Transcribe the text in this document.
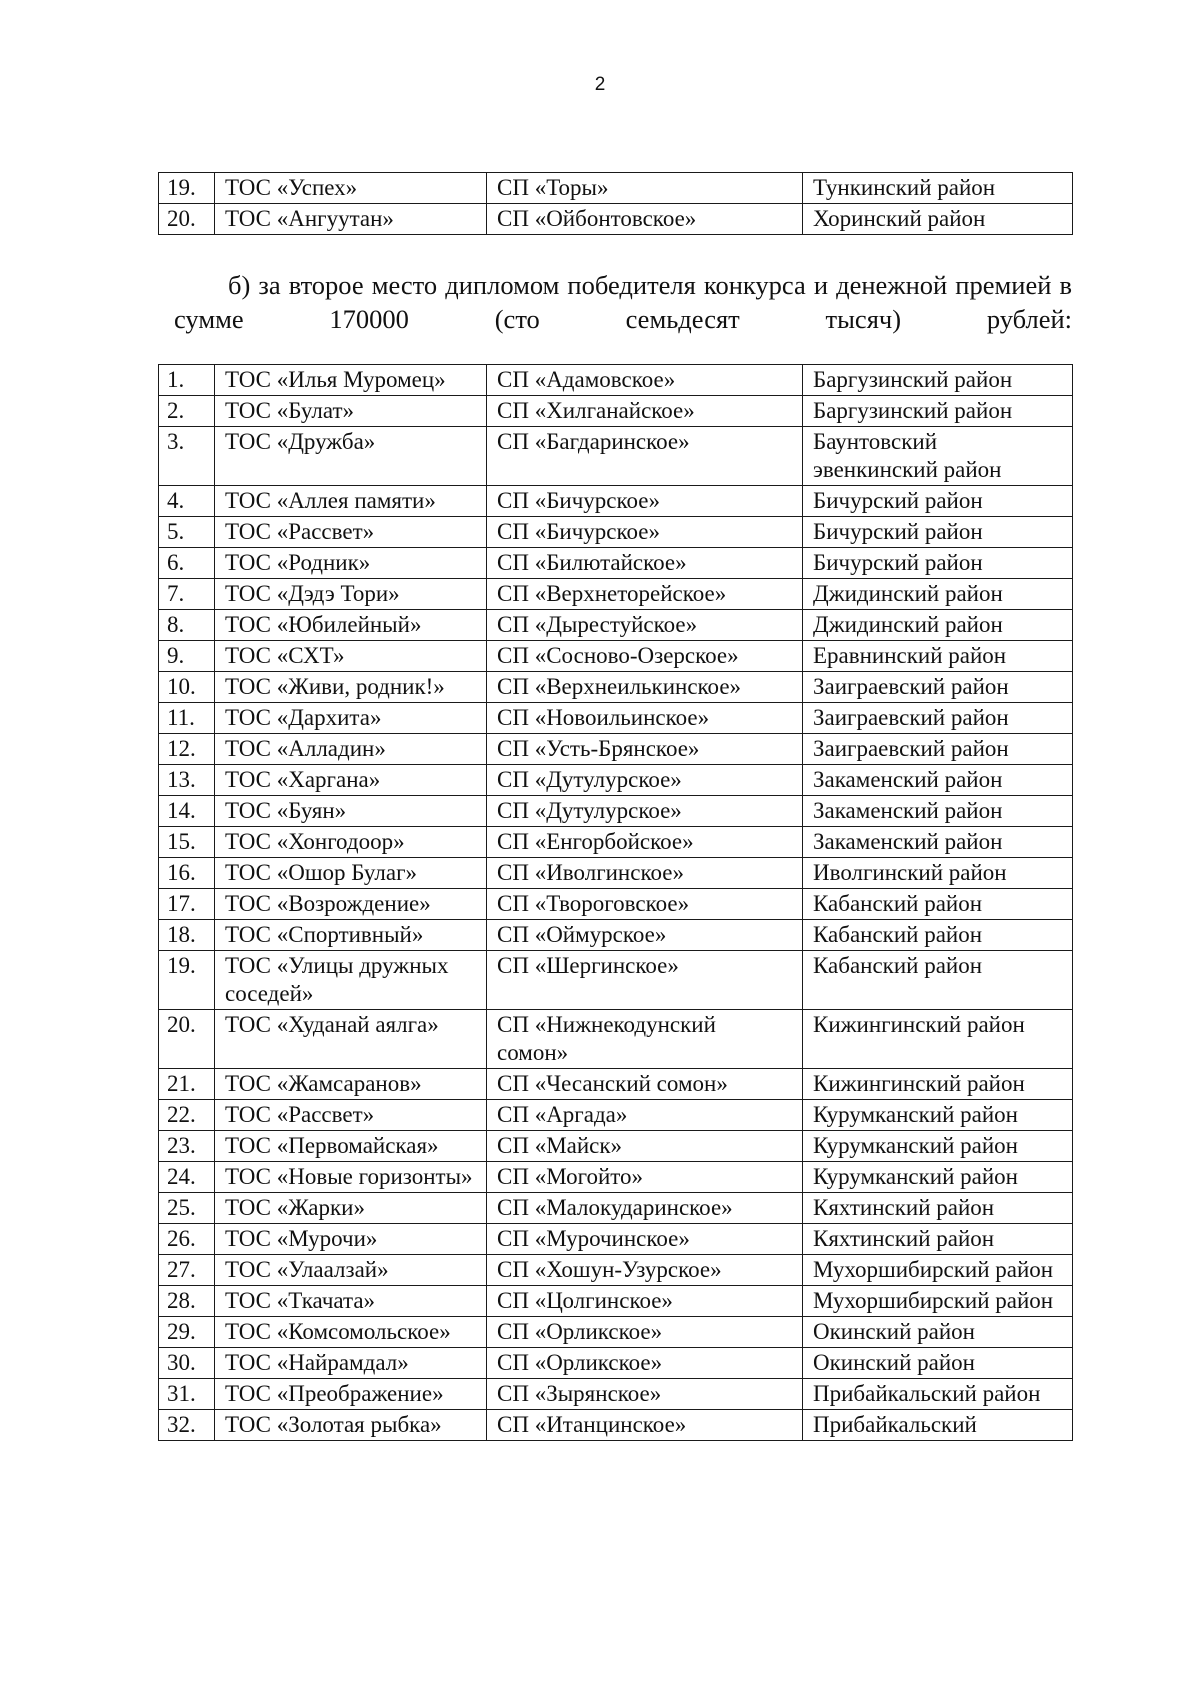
2
19.	ТОС «Успех»	СП «Торы»	Тункинский район
20.	ТОС «Ангуутан»	СП «Ойбонтовское»	Хоринский район
б) за второе место дипломом победителя конкурса и денежной премией в сумме 170000 (сто семьдесят тысяч) рублей:
1.	ТОС «Илья Муромец»	СП «Адамовское»	Баргузинский район
2.	ТОС «Булат»	СП «Хилганайское»	Баргузинский район
3.	ТОС «Дружба»	СП «Багдаринское»	Баунтовский эвенкинский район
4.	ТОС «Аллея памяти»	СП «Бичурское»	Бичурский район
5.	ТОС «Рассвет»	СП «Бичурское»	Бичурский район
6.	ТОС «Родник»	СП «Билютайское»	Бичурский район
7.	ТОС «Дэдэ Тори»	СП «Верхнеторейское»	Джидинский район
8.	ТОС «Юбилейный»	СП «Дырестуйское»	Джидинский район
9.	ТОС «СХТ»	СП «Сосново-Озерское»	Еравнинский район
10.	ТОС «Живи, родник!»	СП «Верхнеилькинское»	Заиграевский район
11.	ТОС «Дархита»	СП «Новоильинское»	Заиграевский район
12.	ТОС «Алладин»	СП «Усть-Брянское»	Заиграевский район
13.	ТОС «Харгана»	СП «Дутулурское»	Закаменский район
14.	ТОС «Буян»	СП «Дутулурское»	Закаменский район
15.	ТОС «Хонгодоор»	СП «Енгорбойское»	Закаменский район
16.	ТОС «Ошор Булаг»	СП «Иволгинское»	Иволгинский район
17.	ТОС «Возрождение»	СП «Твороговское»	Кабанский район
18.	ТОС «Спортивный»	СП «Оймурское»	Кабанский район
19.	ТОС «Улицы дружных соседей»	СП «Шергинское»	Кабанский район
20.	ТОС «Худанай аялга»	СП «Нижнекодунский сомон»	Кижингинский район
21.	ТОС «Жамсаранов»	СП «Чесанский сомон»	Кижингинский район
22.	ТОС «Рассвет»	СП «Аргада»	Курумканский район
23.	ТОС «Первомайская»	СП «Майск»	Курумканский район
24.	ТОС «Новые горизонты»	СП «Могойто»	Курумканский район
25.	ТОС «Жарки»	СП «Малокударинское»	Кяхтинский район
26.	ТОС «Мурочи»	СП «Мурочинское»	Кяхтинский район
27.	ТОС «Улаалзай»	СП «Хошун-Узурское»	Мухоршибирский район
28.	ТОС «Ткачата»	СП «Цолгинское»	Мухоршибирский район
29.	ТОС «Комсомольское»	СП «Орликское»	Окинский район
30.	ТОС «Найрамдал»	СП «Орликское»	Окинский район
31.	ТОС «Преображение»	СП «Зырянское»	Прибайкальский район
32.	ТОС «Золотая рыбка»	СП «Итанцинское»	Прибайкальский
